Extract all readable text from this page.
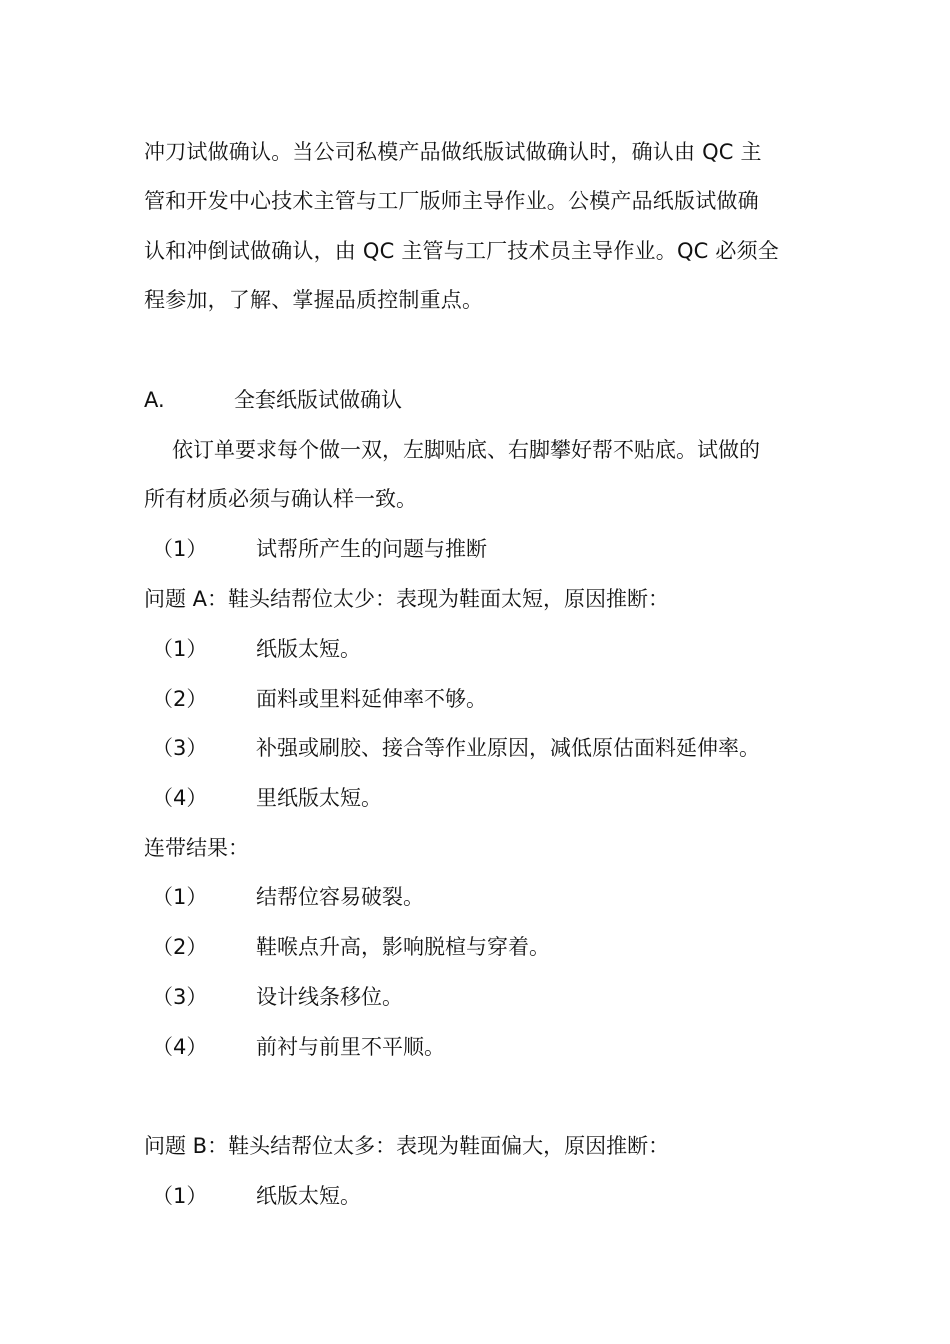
冲刀试做确认。当公司私模产品做纸版试做确认时，确认由 QC 主
管和开发中心技术主管与工厂版师主导作业。公模产品纸版试做确
认和冲倒试做确认，由 QC 主管与工厂技术员主导作业。QC 必须全
程参加，了解、掌握品质控制重点。
A.	全套纸版试做确认
依订单要求每个做一双，左脚贴底、右脚攀好帮不贴底。试做的
所有材质必须与确认样一致。
（1） 试帮所产生的问题与推断
问题 A：鞋头结帮位太少：表现为鞋面太短，原因推断：
（1） 纸版太短。
（2） 面料或里料延伸率不够。
（3） 补强或刷胶、接合等作业原因，减低原估面料延伸率。
（4） 里纸版太短。
连带结果：
（1） 结帮位容易破裂。
（2） 鞋喉点升高，影响脱楦与穿着。
（3） 设计线条移位。
（4） 前衬与前里不平顺。
问题 B：鞋头结帮位太多：表现为鞋面偏大，原因推断：
（1） 纸版太短。
